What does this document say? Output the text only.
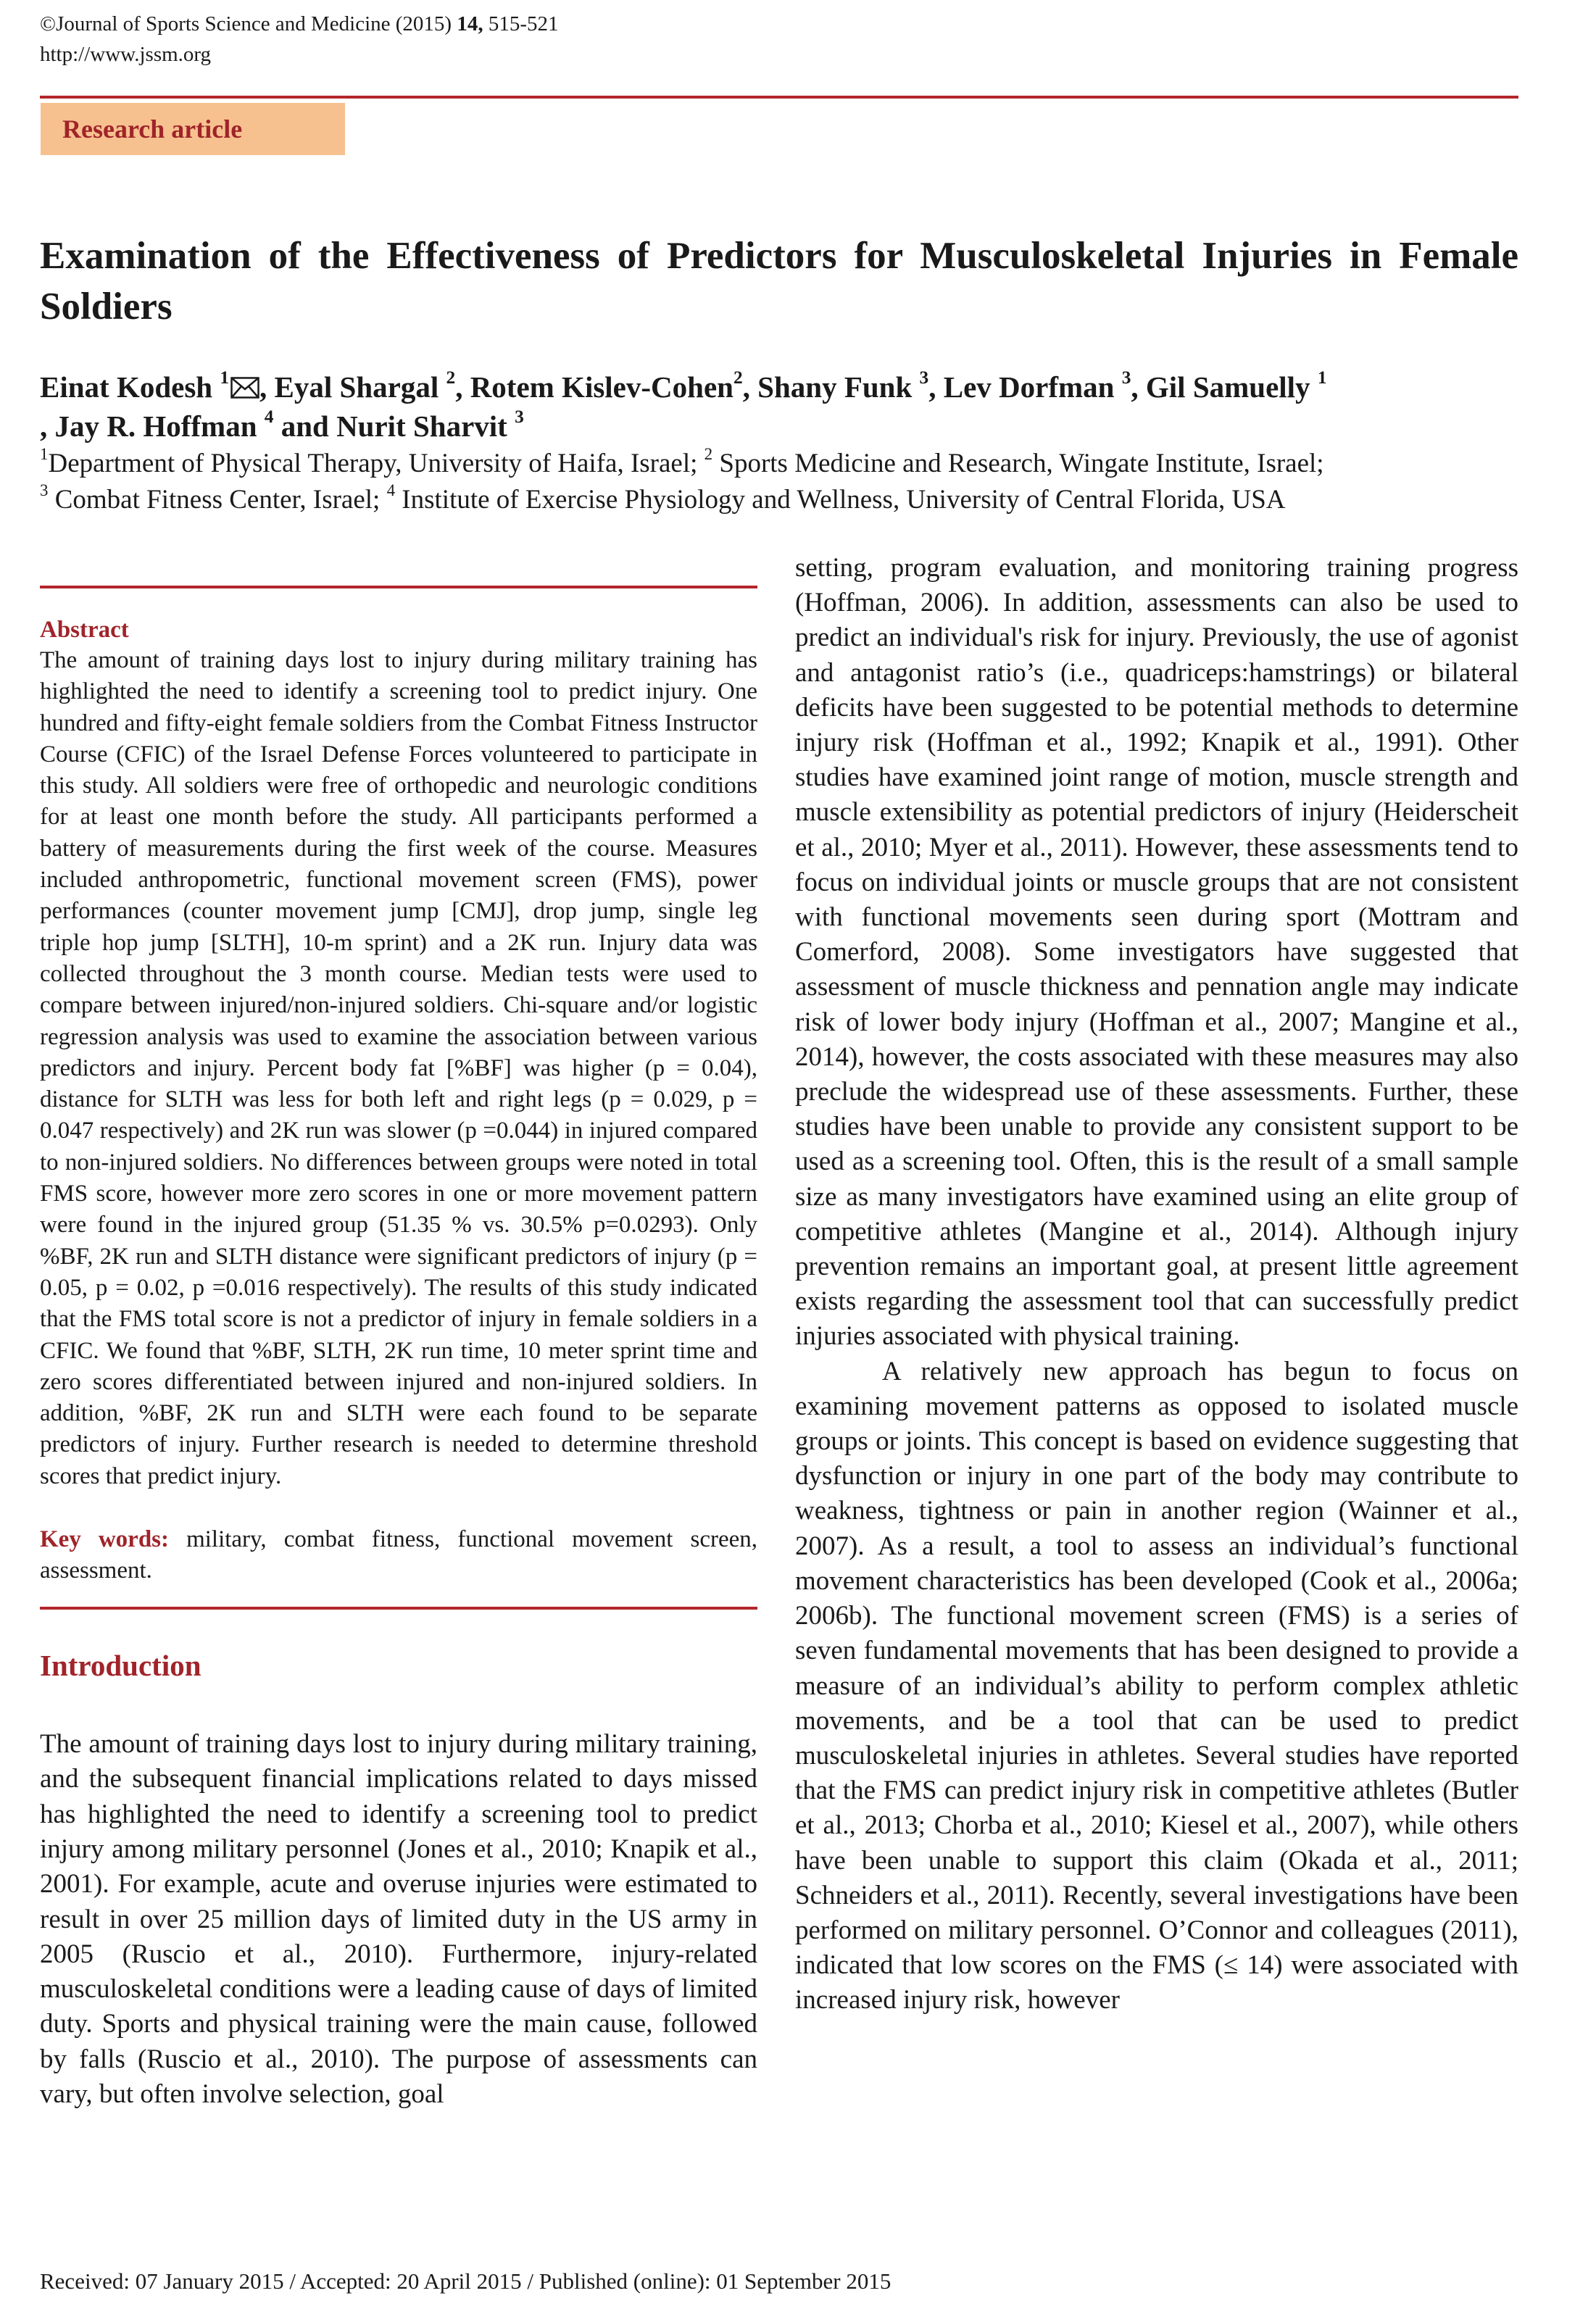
©Journal of Sports Science and Medicine (2015) 14, 515-521
http://www.jssm.org
Research article
Examination of the Effectiveness of Predictors for Musculoskeletal Injuries in Female Soldiers
Einat Kodesh $^1$ , Eyal Shargal $^2$, Rotem Kislev-Cohen$^2$, Shany Funk $^3$, Lev Dorfman $^3$, Gil Samuelly $^1$
, Jay R. Hoffman $^4$ and Nurit Sharvit $^3$
$^1$Department of Physical Therapy, University of Haifa, Israel; $^2$ Sports Medicine and Research, Wingate Institute, Israel;
$^3$ Combat Fitness Center, Israel; $^4$ Institute of Exercise Physiology and Wellness, University of Central Florida, USA
Abstract

The amount of training days lost to injury during military training has highlighted the need to identify a screening tool to predict injury. One hundred and fifty-eight female soldiers from the Combat Fitness Instructor Course (CFIC) of the Israel Defense Forces volunteered to participate in this study. All soldiers were free of orthopedic and neurologic conditions for at least one month before the study. All participants performed a battery of measurements during the first week of the course. Measures included anthropometric, functional movement screen (FMS), power performances (counter movement jump [CMJ], drop jump, single leg triple hop jump [SLTH], 10-m sprint) and a 2K run. Injury data was collected throughout the 3 month course. Median tests were used to compare between injured/non-injured soldiers. Chi-square and/or logistic regression analysis was used to examine the association between various predictors and injury. Percent body fat [%BF] was higher (p = 0.04), distance for SLTH was less for both left and right legs (p = 0.029, p = 0.047 respectively) and 2K run was slower (p =0.044) in injured compared to non-injured soldiers. No differences between groups were noted in total FMS score, however more zero scores in one or more movement pattern were found in the injured group (51.35 % vs. 30.5% p=0.0293). Only %BF, 2K run and SLTH distance were significant predictors of injury (p = 0.05, p = 0.02, p =0.016 respectively). The results of this study indicated that the FMS total score is not a predictor of injury in female soldiers in a CFIC. We found that %BF, SLTH, 2K run time, 10 meter sprint time and zero scores differentiated between injured and non-injured soldiers. In addition, %BF, 2K run and SLTH were each found to be separate predictors of injury. Further research is needed to determine threshold scores that predict injury.

Key words: military, combat fitness, functional movement screen, assessment.

Introduction

The amount of training days lost to injury during military training, and the subsequent financial implications related to days missed has highlighted the need to identify a screening tool to predict injury among military personnel (Jones et al., 2010; Knapik et al., 2001). For example, acute and overuse injuries were estimated to result in over 25 million days of limited duty in the US army in 2005 (Ruscio et al., 2010). Furthermore, injury-related musculoskeletal conditions were a leading cause of days of limited duty. Sports and physical training were the main cause, followed by falls (Ruscio et al., 2010). The purpose of assessments can vary, but often involve selection, goal

setting, program evaluation, and monitoring training progress (Hoffman, 2006). In addition, assessments can also be used to predict an individual's risk for injury. Previously, the use of agonist and antagonist ratio’s (i.e., quadriceps:hamstrings) or bilateral deficits have been suggested to be potential methods to determine injury risk (Hoffman et al., 1992; Knapik et al., 1991). Other studies have examined joint range of motion, muscle strength and muscle extensibility as potential predictors of injury (Heiderscheit et al., 2010; Myer et al., 2011). However, these assessments tend to focus on individual joints or muscle groups that are not consistent with functional movements seen during sport (Mottram and Comerford, 2008). Some investigators have suggested that assessment of muscle thickness and pennation angle may indicate risk of lower body injury (Hoffman et al., 2007; Mangine et al., 2014), however, the costs associated with these measures may also preclude the widespread use of these assessments. Further, these studies have been unable to provide any consistent support to be used as a screening tool. Often, this is the result of a small sample size as many investigators have examined using an elite group of competitive athletes (Mangine et al., 2014). Although injury prevention remains an important goal, at present little agreement exists regarding the assessment tool that can successfully predict injuries associated with physical training.

A relatively new approach has begun to focus on examining movement patterns as opposed to isolated muscle groups or joints. This concept is based on evidence suggesting that dysfunction or injury in one part of the body may contribute to weakness, tightness or pain in another region (Wainner et al., 2007). As a result, a tool to assess an individual’s functional movement characteristics has been developed (Cook et al., 2006a; 2006b). The functional movement screen (FMS) is a series of seven fundamental movements that has been designed to provide a measure of an individual’s ability to perform complex athletic movements, and be a tool that can be used to predict musculoskeletal injuries in athletes. Several studies have reported that the FMS can predict injury risk in competitive athletes (Butler et al., 2013; Chorba et al., 2010; Kiesel et al., 2007), while others have been unable to support this claim (Okada et al., 2011; Schneiders et al., 2011). Recently, several investigations have been performed on military personnel. O’Connor and colleagues (2011), indicated that low scores on the FMS (≤ 14) were associated with increased injury risk, however

Received: 07 January 2015 / Accepted: 20 April 2015 / Published (online): 01 September 2015
